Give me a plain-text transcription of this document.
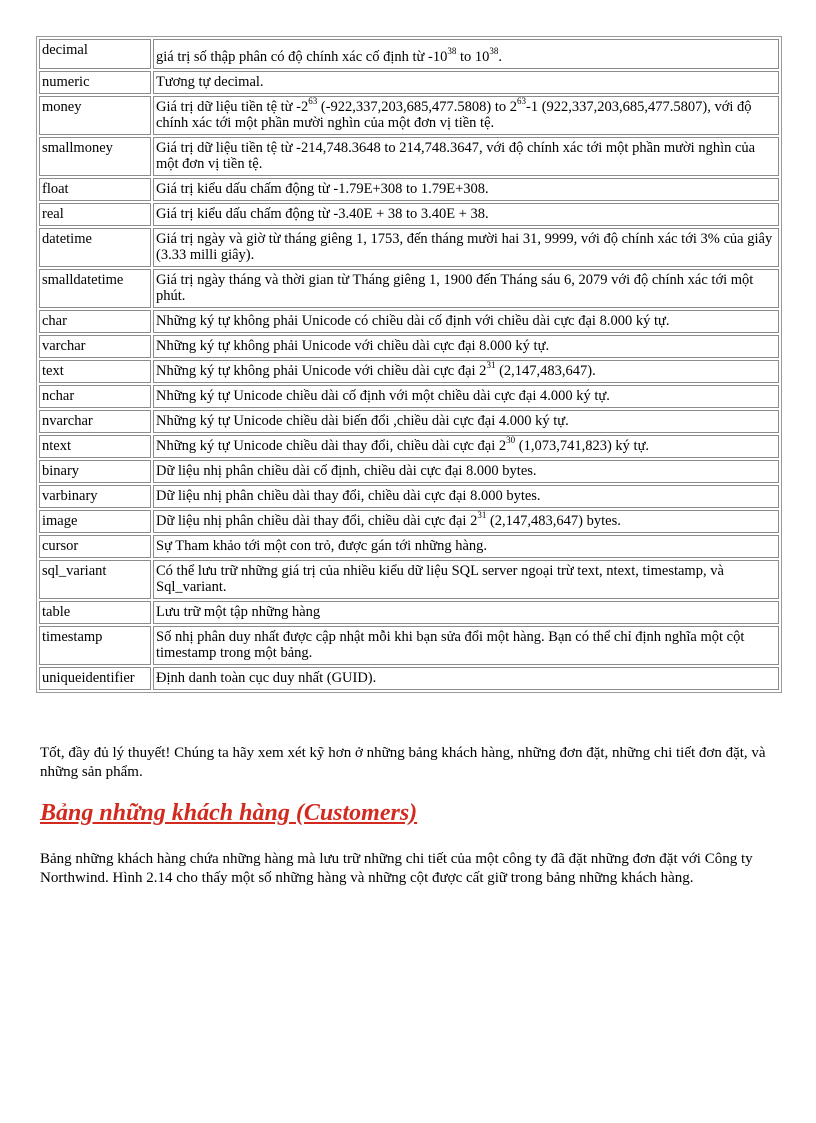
decimal	giá trị số thập phân có độ chính xác cố định từ $-10^{38}$ to $10^{38}$.
numeric	Tương tự decimal.
money	Giá trị dữ liệu tiền tệ từ $-2^{63}$ (-922,337,203,685,477.5808) to $2^{63}-1$ (922,337,203,685,477.5807), với độ chính xác tới một phần mười nghìn của một đơn vị tiền tệ.
smallmoney	Giá trị dữ liệu tiền tệ từ -214,748.3648 to 214,748.3647, với độ chính xác tới một phần mười nghìn của một đơn vị tiền tệ.
float	Giá trị kiểu dấu chấm động từ -1.79E+308 to 1.79E+308.
real	Giá trị kiểu dấu chấm động từ -3.40E + 38 to 3.40E + 38.
datetime	Giá trị ngày và giờ từ tháng giêng 1, 1753, đến tháng mười hai 31, 9999, với độ chính xác tới 3% của giây (3.33 milli giây).
smalldatetime	Giá trị ngày tháng và thời gian từ Tháng giêng 1, 1900 đến Tháng sáu 6, 2079 với độ chính xác tới một phút.
char	Những ký tự không phải Unicode có chiều dài cố định với chiều dài cực đại 8.000 ký tự.
varchar	Những ký tự không phải Unicode với chiều dài cực đại 8.000 ký tự.
text	Những ký tự không phải Unicode với chiều dài cực đại $2^{31}$ (2,147,483,647).
nchar	Những ký tự Unicode chiều dài cố định với một chiều dài cực đại 4.000 ký tự.
nvarchar	Những ký tự Unicode chiều dài biến đổi ,chiều dài cực đại 4.000 ký tự.
ntext	Những ký tự Unicode chiều dài thay đổi, chiều dài cực đại $2^{30}$ (1,073,741,823) ký tự.
binary	Dữ liệu nhị phân chiều dài cố định, chiều dài cực đại 8.000 bytes.
varbinary	Dữ liệu nhị phân chiều dài thay đổi, chiều dài cực đại 8.000 bytes.
image	Dữ liệu nhị phân chiều dài thay đổi, chiều dài cực đại $2^{31}$ (2,147,483,647) bytes.
cursor	Sự Tham khảo tới một con trỏ, được gán tới những hàng.
sql_variant	Có thể lưu trữ những giá trị của nhiều kiểu dữ liệu SQL server ngoại trừ text, ntext, timestamp, và Sql_variant.
table	Lưu trữ một tập những hàng
timestamp	Số nhị phân duy nhất được cập nhật mỗi khi bạn sửa đổi một hàng. Bạn có thể chỉ định nghĩa một cột timestamp trong một bảng.
uniqueidentifier	Định danh toàn cục duy nhất (GUID).

Tốt, đầy đủ lý thuyết! Chúng ta hãy xem xét kỹ hơn ở những bảng khách hàng, những đơn đặt, những chi tiết đơn đặt, và những sản phẩm.

Bảng những khách hàng (Customers)

Bảng những khách hàng chứa những hàng mà lưu trữ những chi tiết của một công ty đã đặt những đơn đặt với Công ty Northwind. Hình 2.14 cho thấy một số những hàng và những cột được cất giữ trong bảng những khách hàng.
